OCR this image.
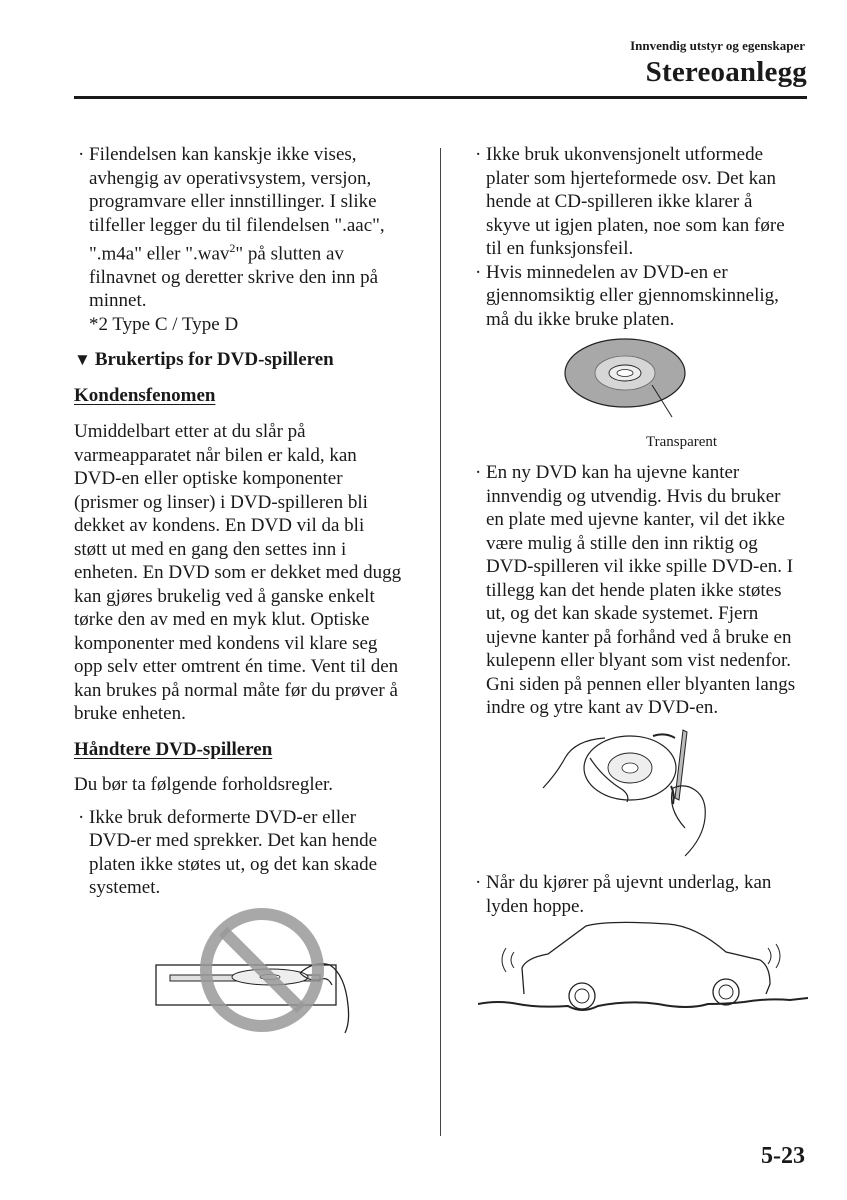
Innvendig utstyr og egenskaper
Stereoanlegg
· Filendelsen kan kanskje ikke vises,
avhengig av operativsystem, versjon,
programvare eller innstillinger. I slike
tilfeller legger du til filendelsen ".aac",
".m4a" eller ".wav$^2$" på slutten av
filnavnet og deretter skrive den inn på
minnet.
*2 Type C / Type D
▼ Brukertips for DVD-spilleren
Kondensfenomen
Umiddelbart etter at du slår på
varmeapparatet når bilen er kald, kan
DVD-en eller optiske komponenter
(prismer og linser) i DVD-spilleren bli
dekket av kondens. En DVD vil da bli
støtt ut med en gang den settes inn i
enheten. En DVD som er dekket med dugg
kan gjøres brukelig ved å ganske enkelt
tørke den av med en myk klut. Optiske
komponenter med kondens vil klare seg
opp selv etter omtrent én time. Vent til den
kan brukes på normal måte før du prøver å
bruke enheten.
Håndtere DVD-spilleren
Du bør ta følgende forholdsregler.
· Ikke bruk deformerte DVD-er eller
DVD-er med sprekker. Det kan hende
platen ikke støtes ut, og det kan skade
systemet.
· Ikke bruk ukonvensjonelt utformede
plater som hjerteformede osv. Det kan
hende at CD-spilleren ikke klarer å
skyve ut igjen platen, noe som kan føre
til en funksjonsfeil.
· Hvis minnedelen av DVD-en er
gjennomsiktig eller gjennomskinnelig,
må du ikke bruke platen.
· En ny DVD kan ha ujevne kanter
innvendig og utvendig. Hvis du bruker
en plate med ujevne kanter, vil det ikke
være mulig å stille den inn riktig og
DVD-spilleren vil ikke spille DVD-en. I
tillegg kan det hende platen ikke støtes
ut, og det kan skade systemet. Fjern
ujevne kanter på forhånd ved å bruke en
kulepenn eller blyant som vist nedenfor.
Gni siden på pennen eller blyanten langs
indre og ytre kant av DVD-en.
Transparent
· Når du kjører på ujevnt underlag, kan
lyden hoppe.
5-23
